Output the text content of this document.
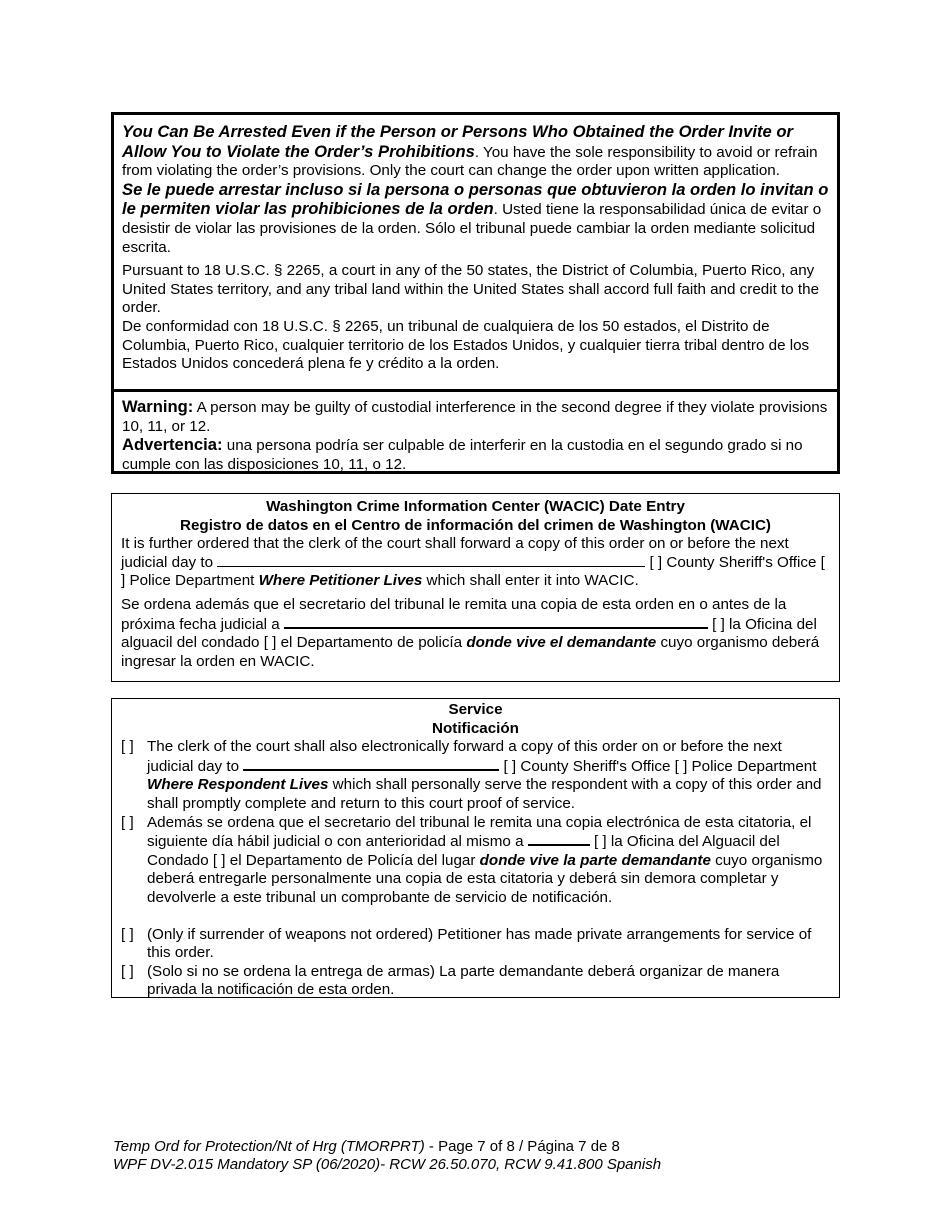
You Can Be Arrested Even if the Person or Persons Who Obtained the Order Invite or Allow You to Violate the Order’s Prohibitions. You have the sole responsibility to avoid or refrain from violating the order’s provisions. Only the court can change the order upon written application.

Se le puede arrestar incluso si la persona o personas que obtuvieron la orden lo invitan o le permiten violar las prohibiciones de la orden. Usted tiene la responsabilidad única de evitar o desistir de violar las provisiones de la orden. Sólo el tribunal puede cambiar la orden mediante solicitud escrita.

Pursuant to 18 U.S.C. § 2265, a court in any of the 50 states, the District of Columbia, Puerto Rico, any United States territory, and any tribal land within the United States shall accord full faith and credit to the order.

De conformidad con 18 U.S.C. § 2265, un tribunal de cualquiera de los 50 estados, el Distrito de Columbia, Puerto Rico, cualquier territorio de los Estados Unidos, y cualquier tierra tribal dentro de los Estados Unidos concederá plena fe y crédito a la orden.

Warning: A person may be guilty of custodial interference in the second degree if they violate provisions 10, 11, or 12.

Advertencia: una persona podría ser culpable de interferir en la custodia en el segundo grado si no cumple con las disposiciones 10, 11, o 12.

Washington Crime Information Center (WACIC) Date Entry

Registro de datos en el Centro de información del crimen de Washington (WACIC)

It is further ordered that the clerk of the court shall forward a copy of this order on or before the next judicial day to	[ ] County Sheriff's Office [ ] Police Department Where Petitioner Lives which shall enter it into WACIC.

Se ordena además que el secretario del tribunal le remita una copia de esta orden en o antes de la próxima fecha judicial a	[ ] la Oficina del alguacil del condado [ ] el Departamento de policía donde vive el demandante cuyo organismo deberá ingresar la orden en WACIC.

Service

Notificación

[ ] The clerk of the court shall also electronically forward a copy of this order on or before the next judicial day to	[ ] County Sheriff's Office [ ] Police Department Where Respondent Lives which shall personally serve the respondent with a copy of this order and shall promptly complete and return to this court proof of service.
[ ] Además se ordena que el secretario del tribunal le remita una copia electrónica de esta citatoria, el siguiente día hábil judicial o con anterioridad al mismo a	[ ] la Oficina del Alguacil del Condado [ ] el Departamento de Policía del lugar donde vive la parte demandante cuyo organismo deberá entregarle personalmente una copia de esta citatoria y deberá sin demora completar y devolverle a este tribunal un comprobante de servicio de notificación.
[ ] (Only if surrender of weapons not ordered) Petitioner has made private arrangements for service of this order.
[ ] (Solo si no se ordena la entrega de armas) La parte demandante deberá organizar de manera privada la notificación de esta orden.

Temp Ord for Protection/Nt of Hrg (TMORPRT) - Page 7 of 8 / Página 7 de 8

WPF DV-2.015 Mandatory SP (06/2020)- RCW 26.50.070, RCW 9.41.800 Spanish
